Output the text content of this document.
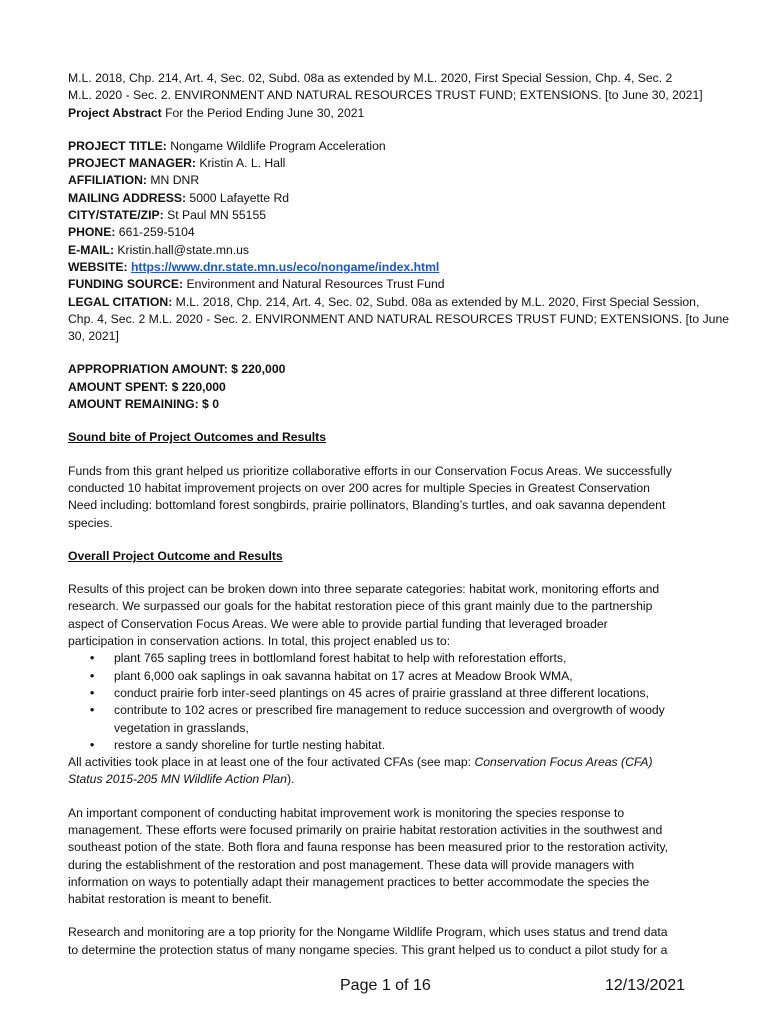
M.L. 2018, Chp. 214, Art. 4, Sec. 02, Subd. 08a as extended by M.L. 2020, First Special Session, Chp. 4, Sec. 2
M.L. 2020 - Sec. 2. ENVIRONMENT AND NATURAL RESOURCES TRUST FUND; EXTENSIONS. [to June 30, 2021]
Project Abstract For the Period Ending June 30, 2021
PROJECT TITLE: Nongame Wildlife Program Acceleration
PROJECT MANAGER: Kristin A. L. Hall
AFFILIATION: MN DNR
MAILING ADDRESS: 5000 Lafayette Rd
CITY/STATE/ZIP: St Paul MN 55155
PHONE: 661-259-5104
E-MAIL: Kristin.hall@state.mn.us
WEBSITE: https://www.dnr.state.mn.us/eco/nongame/index.html
FUNDING SOURCE: Environment and Natural Resources Trust Fund
LEGAL CITATION: M.L. 2018, Chp. 214, Art. 4, Sec. 02, Subd. 08a as extended by M.L. 2020, First Special Session,
Chp. 4, Sec. 2 M.L. 2020 - Sec. 2. ENVIRONMENT AND NATURAL RESOURCES TRUST FUND; EXTENSIONS. [to June
30, 2021]
APPROPRIATION AMOUNT: $ 220,000
AMOUNT SPENT: $ 220,000
AMOUNT REMAINING: $ 0
Sound bite of Project Outcomes and Results
Funds from this grant helped us prioritize collaborative efforts in our Conservation Focus Areas. We successfully
conducted 10 habitat improvement projects on over 200 acres for multiple Species in Greatest Conservation
Need including: bottomland forest songbirds, prairie pollinators, Blanding’s turtles, and oak savanna dependent
species.
Overall Project Outcome and Results
Results of this project can be broken down into three separate categories: habitat work, monitoring efforts and
research. We surpassed our goals for the habitat restoration piece of this grant mainly due to the partnership
aspect of Conservation Focus Areas. We were able to provide partial funding that leveraged broader
participation in conservation actions. In total, this project enabled us to:
• plant 765 sapling trees in bottlomland forest habitat to help with reforestation efforts,
• plant 6,000 oak saplings in oak savanna habitat on 17 acres at Meadow Brook WMA,
• conduct prairie forb inter-seed plantings on 45 acres of prairie grassland at three different locations,
• contribute to 102 acres or prescribed fire management to reduce succession and overgrowth of woody
vegetation in grasslands,
• restore a sandy shoreline for turtle nesting habitat.
All activities took place in at least one of the four activated CFAs (see map: Conservation Focus Areas (CFA)
Status 2015-205 MN Wildlife Action Plan).
An important component of conducting habitat improvement work is monitoring the species response to
management. These efforts were focused primarily on prairie habitat restoration activities in the southwest and
southeast potion of the state. Both flora and fauna response has been measured prior to the restoration activity,
during the establishment of the restoration and post management. These data will provide managers with
information on ways to potentially adapt their management practices to better accommodate the species the
habitat restoration is meant to benefit.
Research and monitoring are a top priority for the Nongame Wildlife Program, which uses status and trend data
to determine the protection status of many nongame species. This grant helped us to conduct a pilot study for a
Page 1 of 16	12/13/2021
